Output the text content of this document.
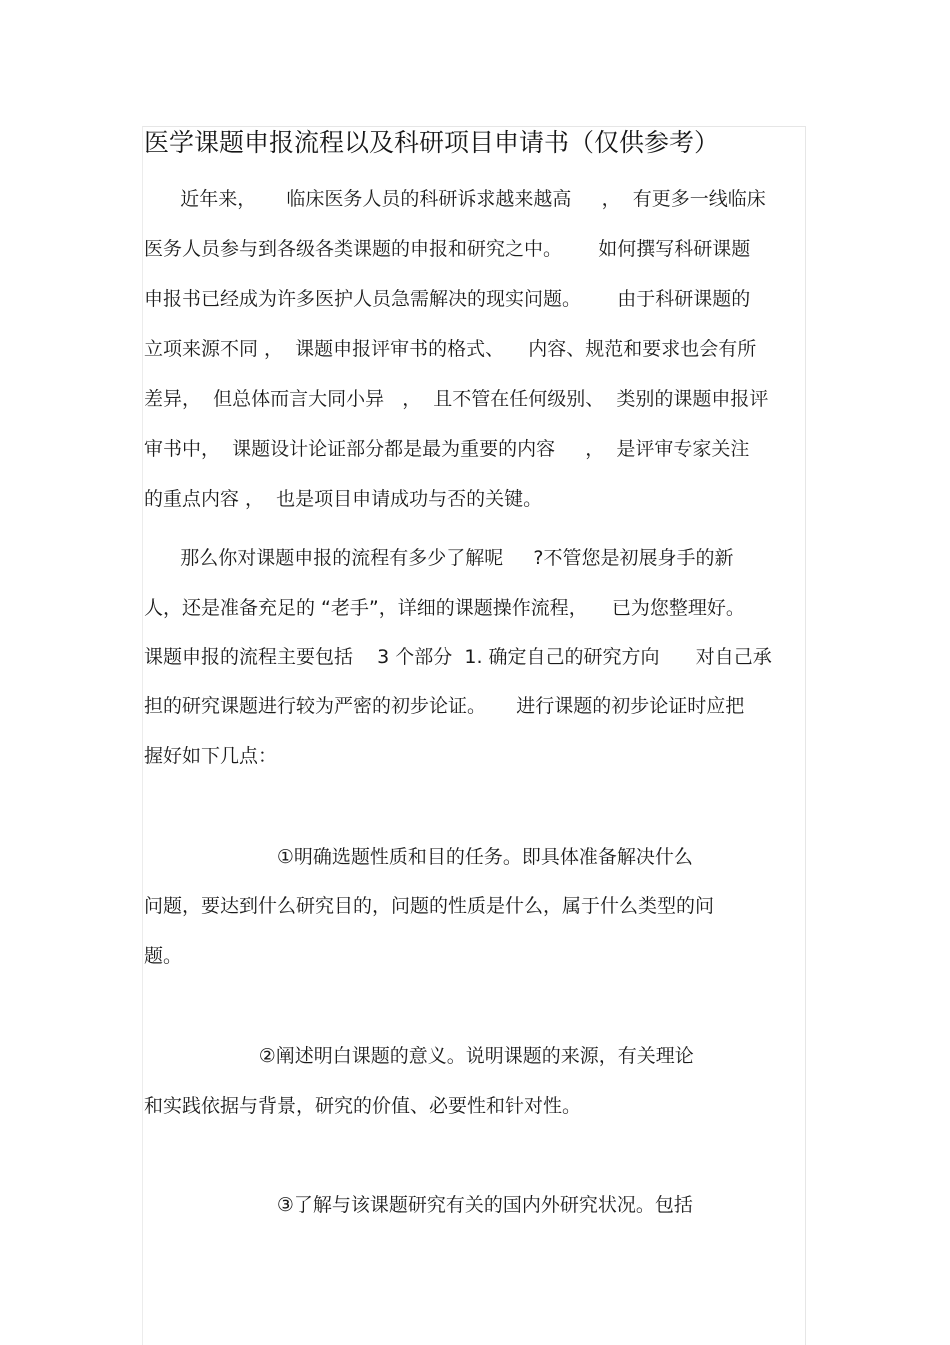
医学课题申报流程以及科研项目申请书（仅供参考）
近年来，     临床医务人员的科研诉求越来越高     ，  有更多一线临床
医务人员参与到各级各类课题的申报和研究之中。      如何撰写科研课题
申报书已经成为许多医护人员急需解决的现实问题。      由于科研课题的
立项来源不同 ，  课题申报评审书的格式、    内容、规范和要求也会有所
差异，  但总体而言大同小异   ，  且不管在任何级别、  类别的课题申报评
审书中，  课题设计论证部分都是最为重要的内容     ，  是评审专家关注
的重点内容 ，  也是项目申请成功与否的关键。
那么你对课题申报的流程有多少了解呢     ?不管您是初展身手的新
人，还是准备充足的 “老手”，详细的课题操作流程，    已为您整理好。
课题申报的流程主要包括    3 个部分  1. 确定自己的研究方向      对自己承
担的研究课题进行较为严密的初步论证。     进行课题的初步论证时应把
握好如下几点：
①明确选题性质和目的任务。即具体准备解决什么
问题，要达到什么研究目的，问题的性质是什么，属于什么类型的问
题。
②阐述明白课题的意义。说明课题的来源，有关理论
和实践依据与背景，研究的价值、必要性和针对性。
③了解与该课题研究有关的国内外研究状况。包括
